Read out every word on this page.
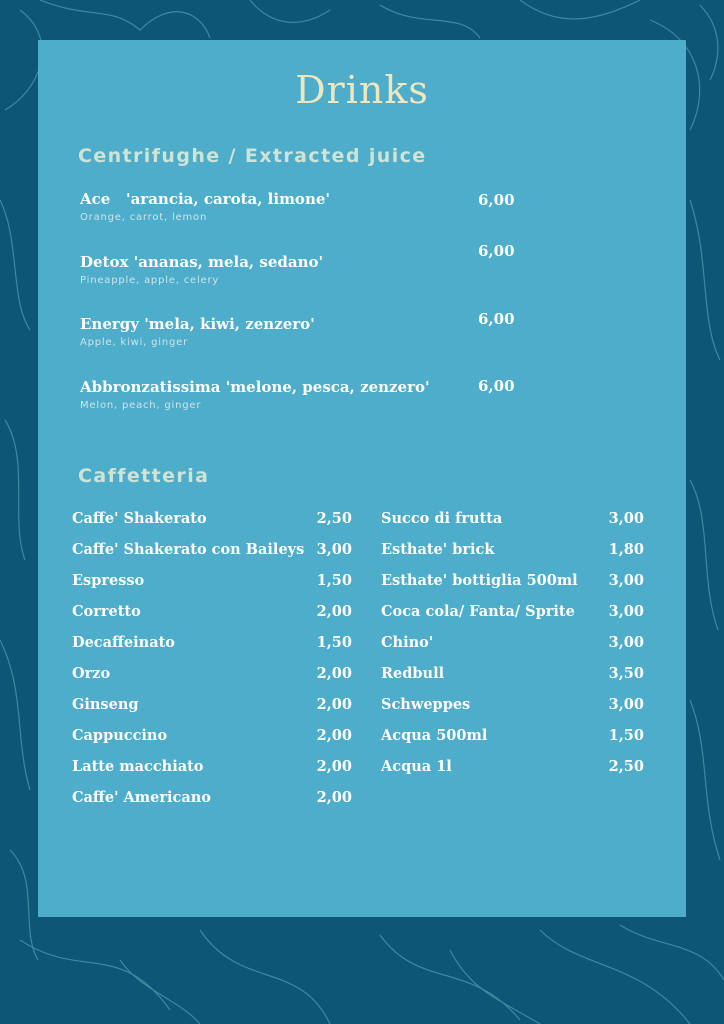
Drinks
Centrifughe / Extracted juice
Ace   'arancia, carota, limone'
Orange, carrot, lemon
6,00
Detox 'ananas, mela, sedano'
Pineapple, apple, celery
6,00
Energy 'mela, kiwi, zenzero'
Apple, kiwi, ginger
6,00
Abbronzatissima 'melone, pesca, zenzero'
Melon, peach, ginger
6,00
Caffetteria
Caffe' Shakerato	2,50
Caffe' Shakerato con Baileys 3,00
Espresso	1,50
Corretto	2,00
Decaffeinato	1,50
Orzo	2,00
Ginseng	2,00
Cappuccino	2,00
Latte macchiato	2,00
Caffe' Americano	2,00
Succo di frutta	3,00
Esthate' brick	1,80
Esthate' bottiglia 500ml 3,00
Coca cola/ Fanta/ Sprite 3,00
Chino'	3,00
Redbull	3,50
Schweppes	3,00
Acqua 500ml	1,50
Acqua 1l	2,50
